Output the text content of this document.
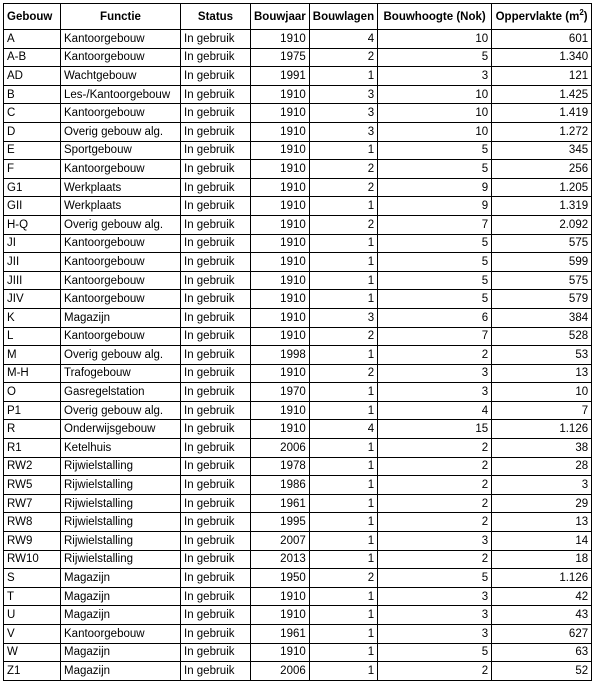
Gebouw	Functie	Status	Bouwjaar	Bouwlagen	Bouwhoogte (Nok)	Oppervlakte $(m^2)$
A	Kantoorgebouw	In gebruik	1910	4	10	601
A-B	Kantoorgebouw	In gebruik	1975	2	5	1.340
AD	Wachtgebouw	In gebruik	1991	1	3	121
B	Les-/Kantoorgebouw	In gebruik	1910	3	10	1.425
C	Kantoorgebouw	In gebruik	1910	3	10	1.419
D	Overig gebouw alg.	In gebruik	1910	3	10	1.272
E	Sportgebouw	In gebruik	1910	1	5	345
F	Kantoorgebouw	In gebruik	1910	2	5	256
G1	Werkplaats	In gebruik	1910	2	9	1.205
GII	Werkplaats	In gebruik	1910	1	9	1.319
H-Q	Overig gebouw alg.	In gebruik	1910	2	7	2.092
JI	Kantoorgebouw	In gebruik	1910	1	5	575
JII	Kantoorgebouw	In gebruik	1910	1	5	599
JIII	Kantoorgebouw	In gebruik	1910	1	5	575
JIV	Kantoorgebouw	In gebruik	1910	1	5	579
K	Magazijn	In gebruik	1910	3	6	384
L	Kantoorgebouw	In gebruik	1910	2	7	528
M	Overig gebouw alg.	In gebruik	1998	1	2	53
M-H	Trafogebouw	In gebruik	1910	2	3	13
O	Gasregelstation	In gebruik	1970	1	3	10
P1	Overig gebouw alg.	In gebruik	1910	1	4	7
R	Onderwijsgebouw	In gebruik	1910	4	15	1.126
R1	Ketelhuis	In gebruik	2006	1	2	38
RW2	Rijwielstalling	In gebruik	1978	1	2	28
RW5	Rijwielstalling	In gebruik	1986	1	2	3
RW7	Rijwielstalling	In gebruik	1961	1	2	29
RW8	Rijwielstalling	In gebruik	1995	1	2	13
RW9	Rijwielstalling	In gebruik	2007	1	3	14
RW10	Rijwielstalling	In gebruik	2013	1	2	18
S	Magazijn	In gebruik	1950	2	5	1.126
T	Magazijn	In gebruik	1910	1	3	42
U	Magazijn	In gebruik	1910	1	3	43
V	Kantoorgebouw	In gebruik	1961	1	3	627
W	Magazijn	In gebruik	1910	1	5	63
Z1	Magazijn	In gebruik	2006	1	2	52
